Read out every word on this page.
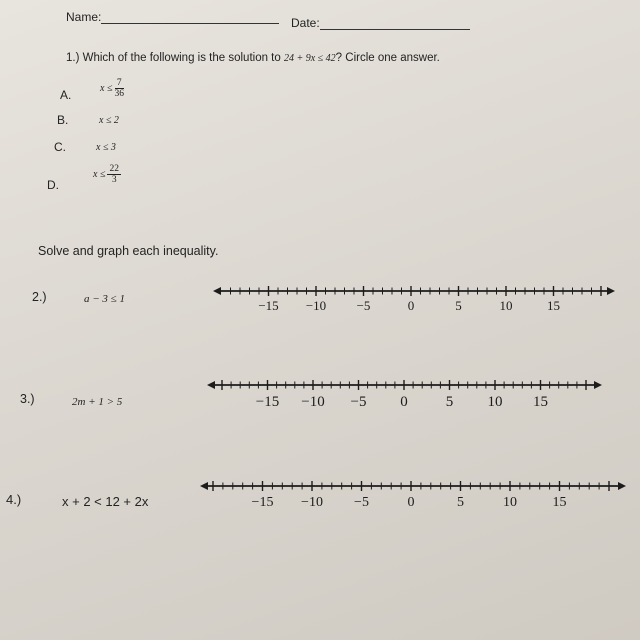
Name:	Date:
1.) Which of the following is the solution to 24 + 9x ≤ 42? Circle one answer.
A.	$x \le \frac{7}{36}$
B.	x ≤ 2
C.	x ≤ 3
D.
$x \le \frac{22}{3}$
Solve and graph each inequality.
2.)	a − 3 ≤ 1
3.)	2m + 1 > 5
4.)	x + 2 < 12 + 2x
−15 −10 −5	0	5	10	15
−15 −10 −5 0	5 10 15
−15 −10 −5	0	5	10	15
